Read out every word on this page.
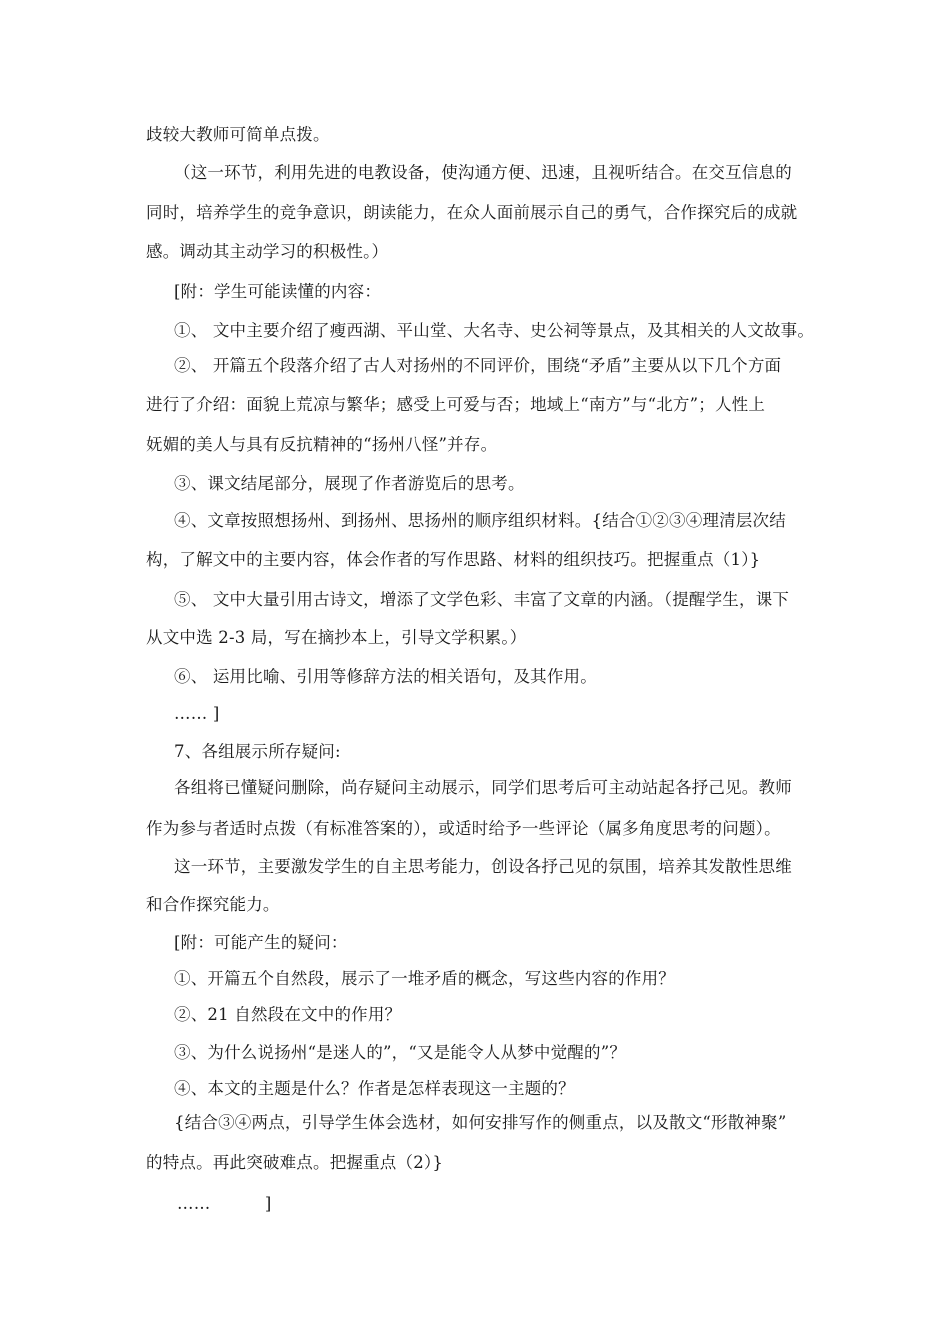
歧较大教师可简单点拨。
（这一环节，利用先进的电教设备，使沟通方便、迅速，且视听结合。在交互信息的
同时，培养学生的竞争意识，朗读能力，在众人面前展示自己的勇气，合作探究后的成就
感。调动其主动学习的积极性。）
[附：学生可能读懂的内容：
①、 文中主要介绍了瘦西湖、平山堂、大名寺、史公祠等景点，及其相关的人文故事。
②、 开篇五个段落介绍了古人对扬州的不同评价，围绕“矛盾”主要从以下几个方面
进行了介绍：面貌上荒凉与繁华；感受上可爱与否；地域上“南方”与“北方”；人性上
妩媚的美人与具有反抗精神的“扬州八怪”并存。
③、课文结尾部分，展现了作者游览后的思考。
④、文章按照想扬州、到扬州、思扬州的顺序组织材料。{结合①②③④理清层次结
构，了解文中的主要内容，体会作者的写作思路、材料的组织技巧。把握重点（1）}
⑤、 文中大量引用古诗文，增添了文学色彩、丰富了文章的内涵。（提醒学生，课下
从文中选 2-3 局，写在摘抄本上，引导文学积累。）
⑥、 运用比喻、引用等修辞方法的相关语句，及其作用。
…… ]
7、各组展示所存疑问:
各组将已懂疑问删除，尚存疑问主动展示，同学们思考后可主动站起各抒己见。教师
作为参与者适时点拨（有标准答案的），或适时给予一些评论（属多角度思考的问题）。
这一环节，主要激发学生的自主思考能力，创设各抒己见的氛围，培养其发散性思维
和合作探究能力。
[附：可能产生的疑问：
①、开篇五个自然段，展示了一堆矛盾的概念，写这些内容的作用？
②、21 自然段在文中的作用？
③、为什么说扬州“是迷人的”，“又是能令人从梦中觉醒的”？
④、本文的主题是什么？作者是怎样表现这一主题的？
{结合③④两点，引导学生体会选材，如何安排写作的侧重点，以及散文“形散神聚”
的特点。再此突破难点。把握重点（2）}
……          ]
